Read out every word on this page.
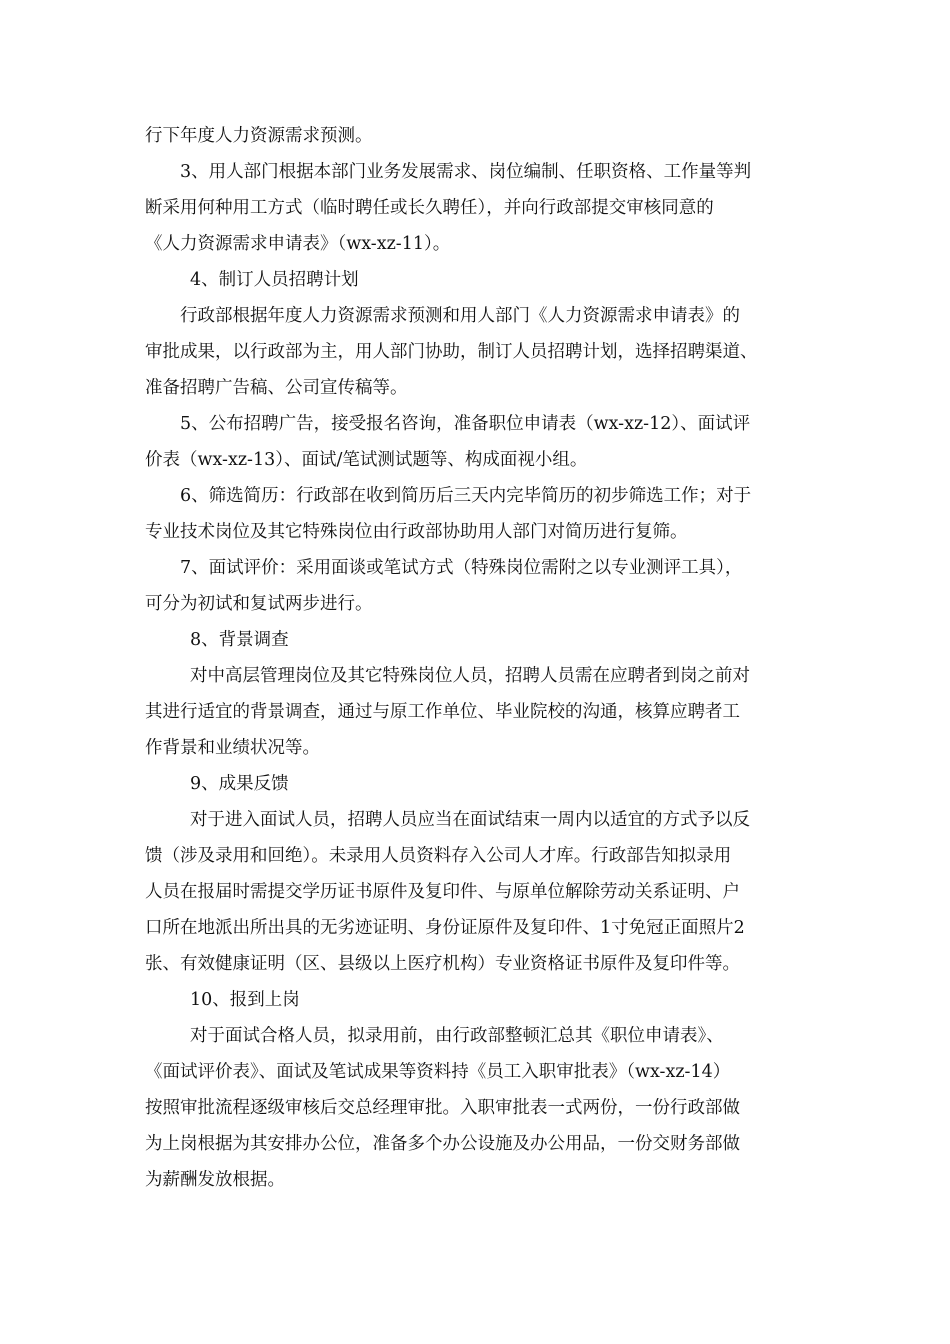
行下年度人力资源需求预测。
3、用人部门根据本部门业务发展需求、岗位编制、任职资格、工作量等判
断采用何种用工方式（临时聘任或长久聘任），并向行政部提交审核同意的
《人力资源需求申请表》（wx-xz-11）。
4、制订人员招聘计划
行政部根据年度人力资源需求预测和用人部门《人力资源需求申请表》的
审批成果，以行政部为主，用人部门协助，制订人员招聘计划，选择招聘渠道、
准备招聘广告稿、公司宣传稿等。
5、公布招聘广告，接受报名咨询，准备职位申请表（wx-xz-12）、面试评
价表（wx-xz-13）、面试/笔试测试题等、构成面视小组。
6、筛选简历：行政部在收到简历后三天内完毕简历的初步筛选工作；对于
专业技术岗位及其它特殊岗位由行政部协助用人部门对简历进行复筛。
7、面试评价：采用面谈或笔试方式（特殊岗位需附之以专业测评工具），
可分为初试和复试两步进行。
8、背景调查
对中高层管理岗位及其它特殊岗位人员，招聘人员需在应聘者到岗之前对
其进行适宜的背景调查，通过与原工作单位、毕业院校的沟通，核算应聘者工
作背景和业绩状况等。
9、成果反馈
对于进入面试人员，招聘人员应当在面试结束一周内以适宜的方式予以反
馈（涉及录用和回绝）。未录用人员资料存入公司人才库。行政部告知拟录用
人员在报届时需提交学历证书原件及复印件、与原单位解除劳动关系证明、户
口所在地派出所出具的无劣迹证明、身份证原件及复印件、1寸免冠正面照片2
张、有效健康证明（区、县级以上医疗机构）专业资格证书原件及复印件等。
10、报到上岗
对于面试合格人员，拟录用前，由行政部整顿汇总其《职位申请表》、
《面试评价表》、面试及笔试成果等资料持《员工入职审批表》（wx-xz-14）
按照审批流程逐级审核后交总经理审批。入职审批表一式两份，一份行政部做
为上岗根据为其安排办公位，准备多个办公设施及办公用品，一份交财务部做
为薪酬发放根据。
